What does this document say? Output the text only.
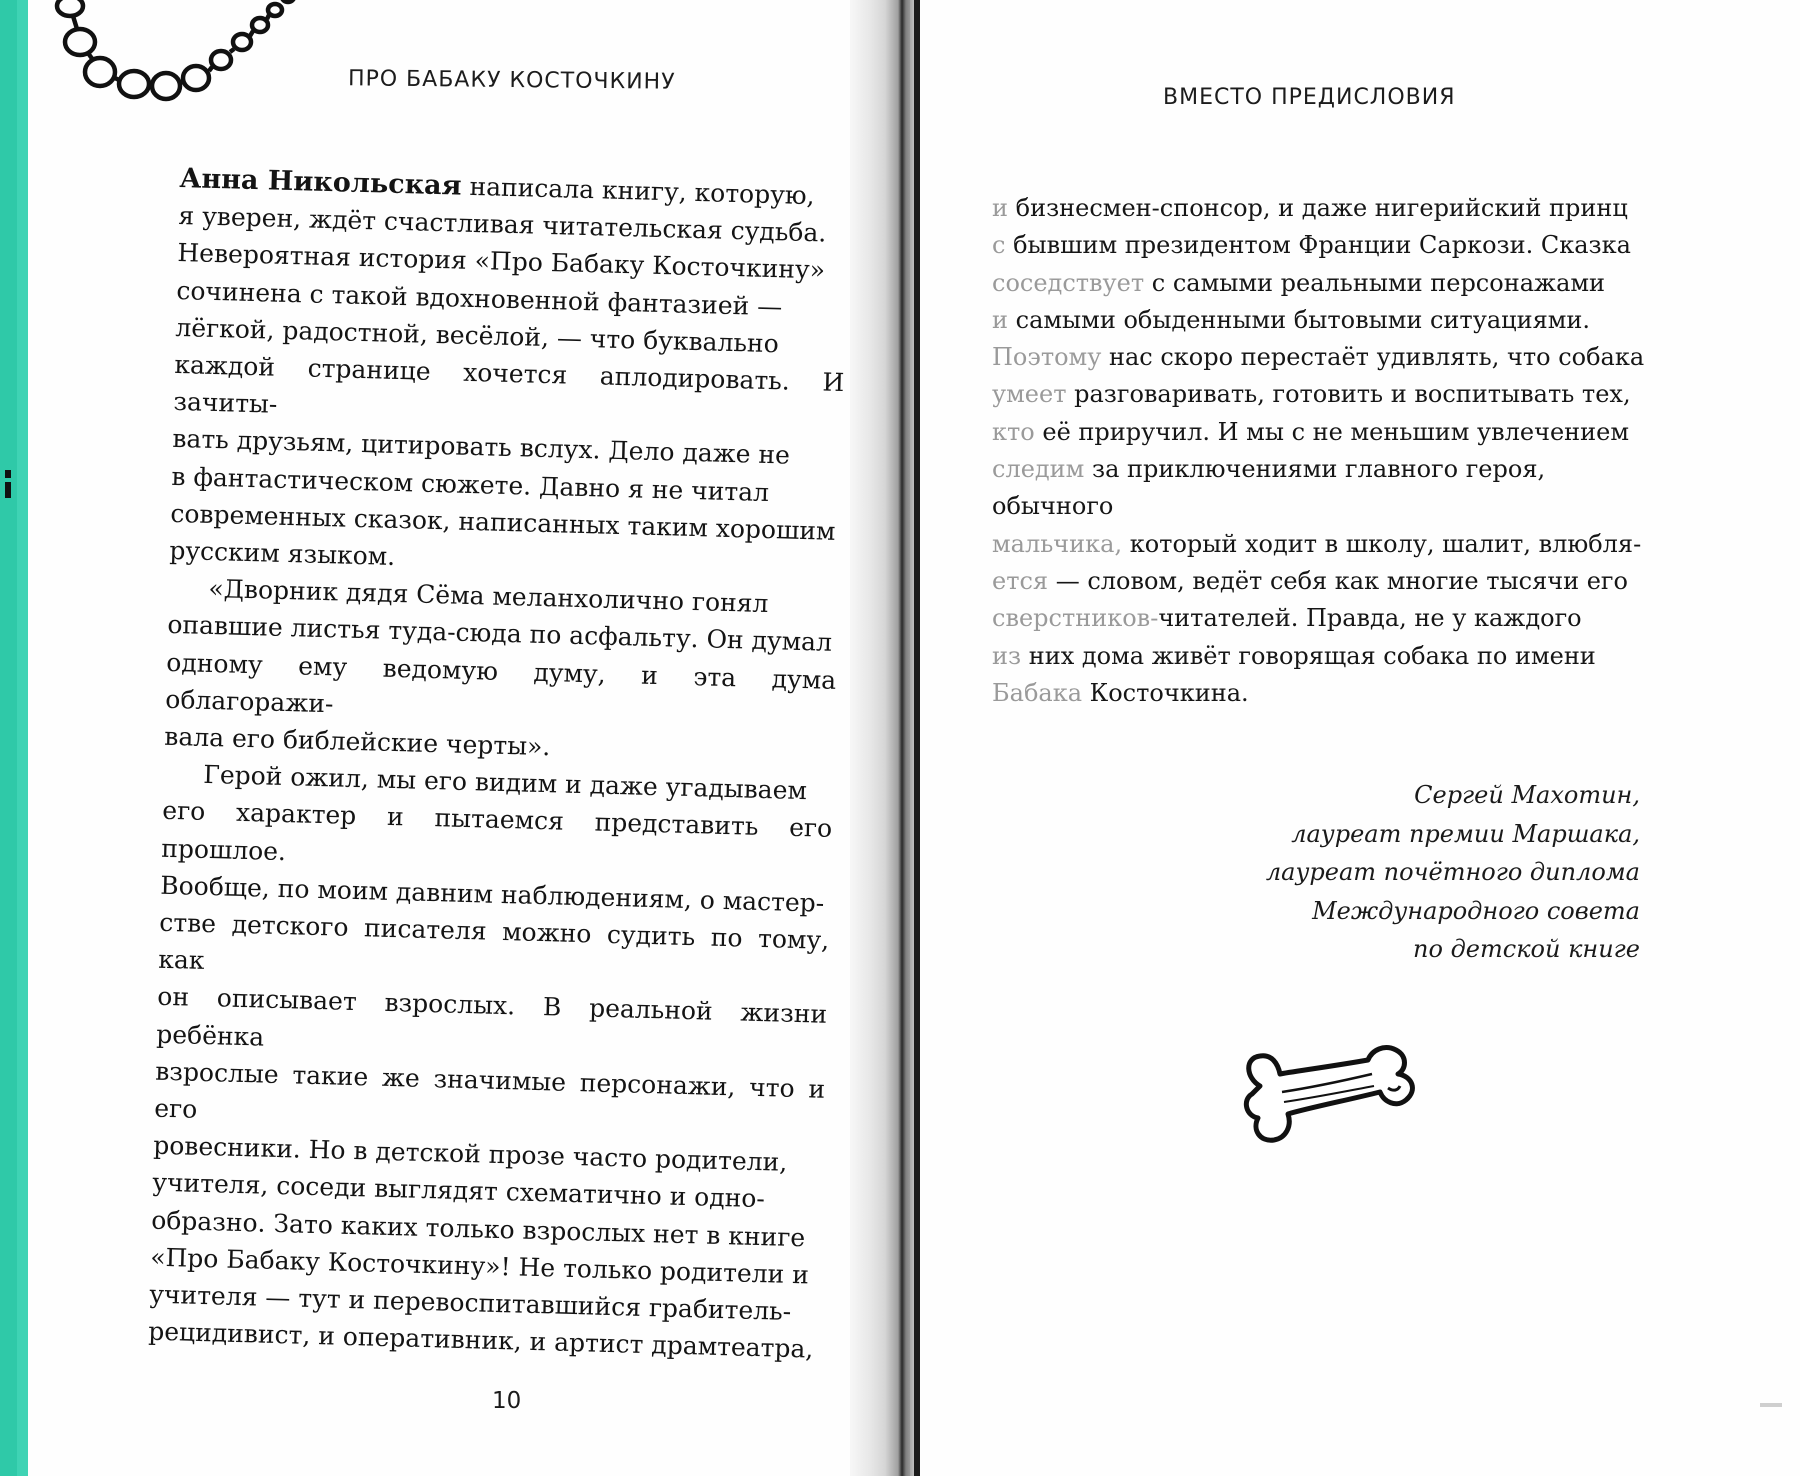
ПРО БАБАКУ КОСТОЧКИНУ
ВМЕСТО ПРЕДИСЛОВИЯ

Анна Никольская написала книгу, которую,
я уверен, ждёт счастливая читательская судьба.
Невероятная история «Про Бабаку Косточкину»
сочинена с такой вдохновенной фантазией —
лёгкой, радостной, весёлой, — что буквально
каждой странице хочется аплодировать. И зачиты-
вать друзьям, цитировать вслух. Дело даже не
в фантастическом сюжете. Давно я не читал
современных сказок, написанных таким хорошим
русским языком.

«Дворник дядя Сёма меланхолично гонял
опавшие листья туда-сюда по асфальту. Он думал
одному ему ведомую думу, и эта дума облагоражи-
вала его библейские черты».

Герой ожил, мы его видим и даже угадываем
его характер и пытаемся представить его прошлое.
Вообще, по моим давним наблюдениям, о мастер-
стве детского писателя можно судить по тому, как
он описывает взрослых. В реальной жизни ребёнка
взрослые такие же значимые персонажи, что и его
ровесники. Но в детской прозе часто родители,
учителя, соседи выглядят схематично и одно-
образно. Зато каких только взрослых нет в книге
«Про Бабаку Косточкину»! Не только родители и
учителя — тут и перевоспитавшийся грабитель-
рецидивист, и оперативник, и артист драмтеатра,

и бизнесмен-спонсор, и даже нигерийский принц
с бывшим президентом Франции Саркози. Сказка
соседствует с самыми реальными персонажами
и самыми обыденными бытовыми ситуациями.
Поэтому нас скоро перестаёт удивлять, что собака
умеет разговаривать, готовить и воспитывать тех,
кто её приручил. И мы с не меньшим увлечением
следим за приключениями главного героя, обычного
мальчика, который ходит в школу, шалит, влюбля-
ется — словом, ведёт себя как многие тысячи его
сверстников-читателей. Правда, не у каждого
из них дома живёт говорящая собака по имени
Бабака Косточкина.

Сергей Махотин,
лауреат премии Маршака,
лауреат почётного диплома
Международного совета
по детской книге
10
